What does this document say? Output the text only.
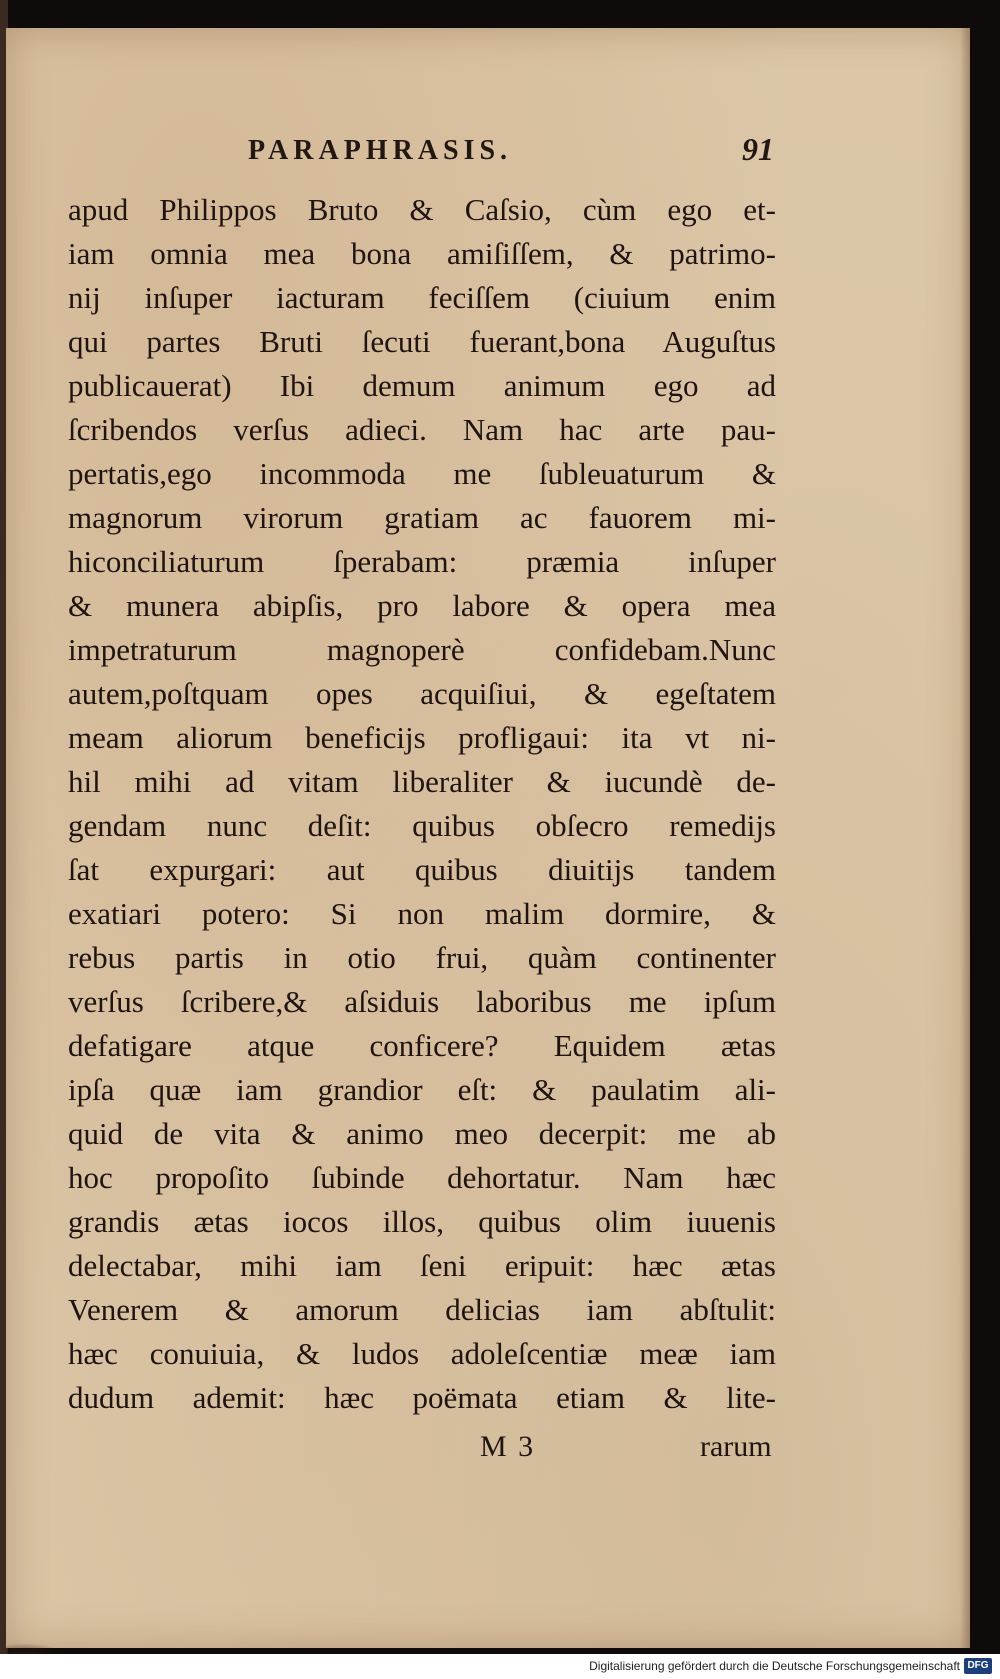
PARAPHRASIS.	91
apud Philippos Bruto & Caſsio, cùm ego et-
iam omnia mea bona amiſiſſem, & patrimo-
nij inſuper iacturam feciſſem (ciuium enim
qui partes Bruti ſecuti fuerant,bona Auguſtus
publicauerat) Ibi demum animum ego ad
ſcribendos verſus adieci. Nam hac arte pau-
pertatis,ego incommoda me ſubleuaturum &
magnorum virorum gratiam ac fauorem mi-
hiconciliaturum ſperabam: præmia inſuper
& munera abipſis, pro labore & opera mea
impetraturum magnoperè confidebam.Nunc
autem,poſtquam opes acquiſiui, & egeſtatem
meam aliorum beneficijs profligaui: ita vt ni-
hil mihi ad vitam liberaliter & iucundè de-
gendam nunc deſit: quibus obſecro remedijs
ſat expurgari: aut quibus diuitijs tandem
exatiari potero: Si non malim dormire, &
rebus partis in otio frui, quàm continenter
verſus ſcribere,& aſsiduis laboribus me ipſum
defatigare atque conficere? Equidem ætas
ipſa quæ iam grandior eſt: & paulatim ali-
quid de vita & animo meo decerpit: me ab
hoc propoſito ſubinde dehortatur. Nam hæc
grandis ætas iocos illos, quibus olim iuuenis
delectabar, mihi iam ſeni eripuit: hæc ætas
Venerem & amorum delicias iam abſtulit:
hæc conuiuia, & ludos adoleſcentiæ meæ iam
dudum ademit: hæc poëmata etiam & lite-
M 3	rarum
Digitalisierung gefördert durch die Deutsche Forschungsgemeinschaft DFG
